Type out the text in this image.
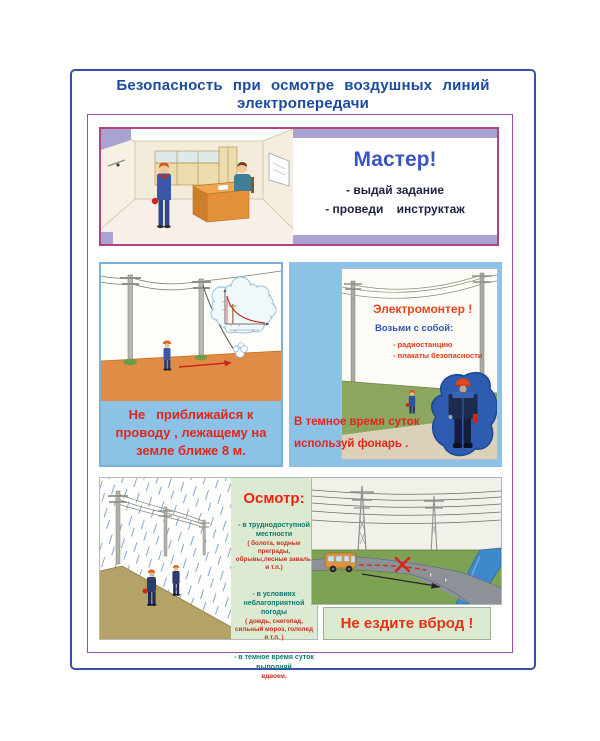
Безопасность при осмотре воздушных линий
электропередачи
Мастер!
- выдай задание
- проведи    инструктаж
Не   приближайся к
проводу , лежащему на
земле ближе 8 м.
Электромонтер !
Возьми с собой:
- радиостанцию
- плакаты безопасности
В темное время суток
используй фонарь .
Осмотр:
- в труднодоступной местности
( болота, водные преграды, обрывы,лесные завалы и т.п.)
- в условиях неблагоприятной погоды
( дождь, снегопад, сильный мороз, гололед и т.п. )
- в темное время суток выполняй
вдвоем.
Не ездите вброд !
